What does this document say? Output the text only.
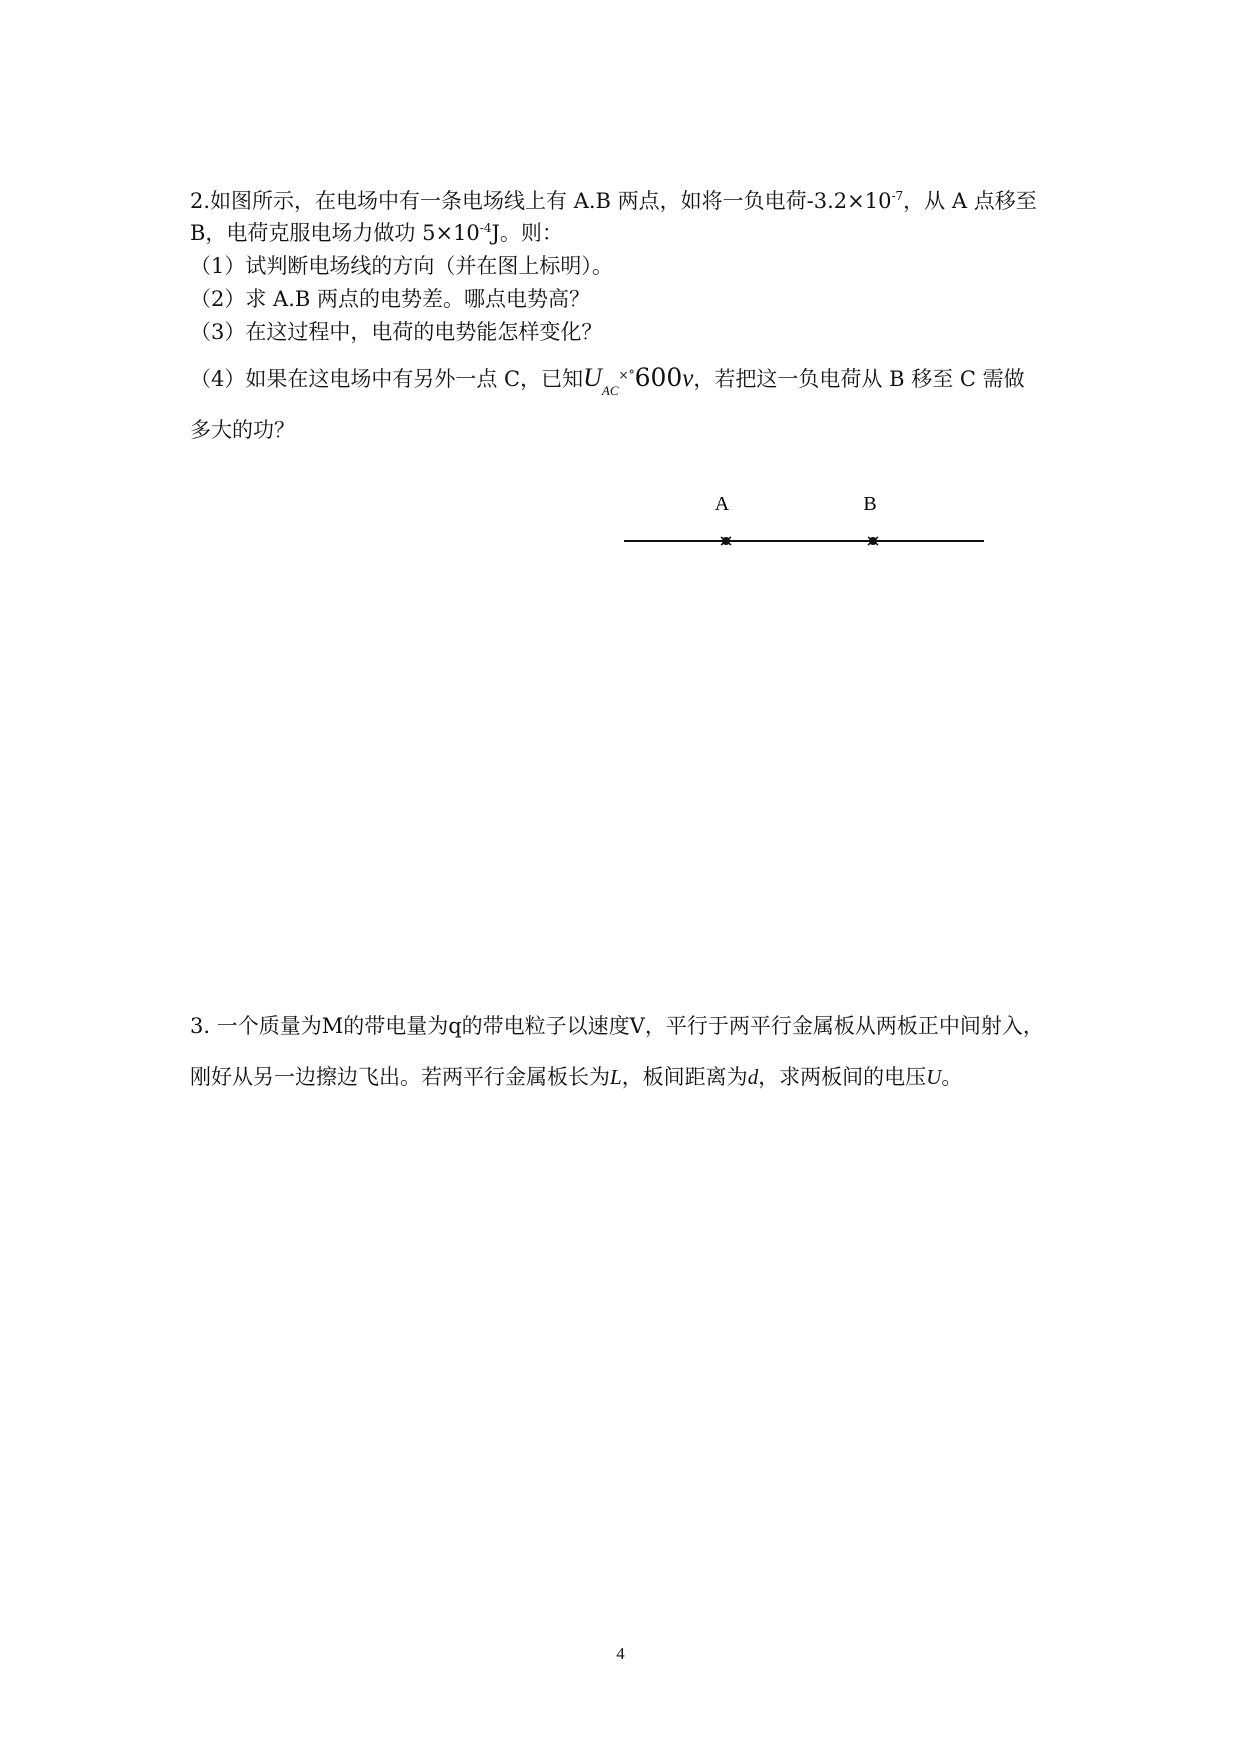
2.如图所示，在电场中有一条电场线上有 A.B 两点，如将一负电荷$-3.2\times 10^{-7}$，从 A 点移至
B，电荷克服电场力做功 $5\times 10^{-4}J$。则：
（1）试判断电场线的方向（并在图上标明）。
（2）求 A.B 两点的电势差。哪点电势高？
（3）在这过程中，电荷的电势能怎样变化？
（4）如果在这电场中有另外一点 C，已知$U_{AC}^{\times^\circ}600v$，若把这一负电荷从 B 移至 C 需做
多大的功？
A	B
3. 一个质量为M的带电量为q的带电粒子以速度V，平行于两平行金属板从两板正中间射入，
刚好从另一边擦边飞出。若两平行金属板长为L，板间距离为d，求两板间的电压U。
4
